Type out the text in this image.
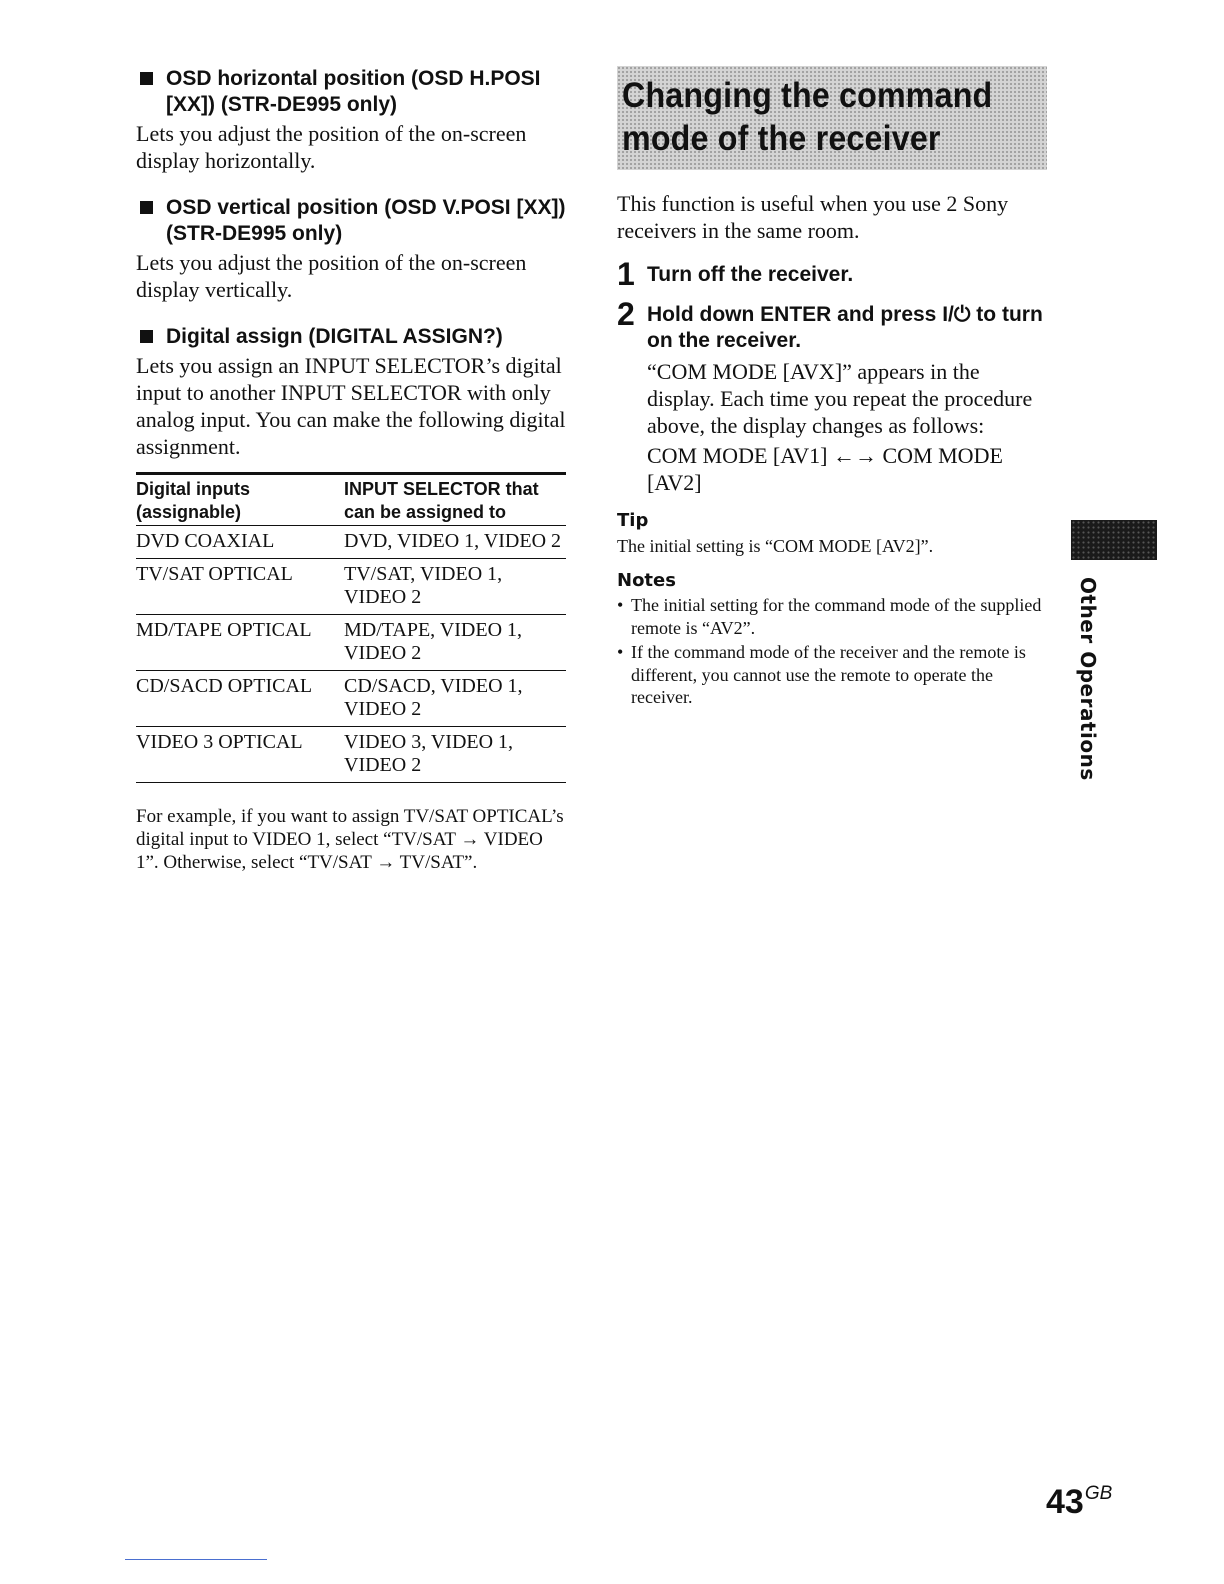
OSD horizontal position (OSD H.POSI [XX]) (STR-DE995 only)

Lets you adjust the position of the on-screen display horizontally.

OSD vertical position (OSD V.POSI [XX]) (STR-DE995 only)

Lets you adjust the position of the on-screen display vertically.

Digital assign (DIGITAL ASSIGN?)

Lets you assign an INPUT SELECTOR’s digital input to another INPUT SELECTOR with only analog input. You can make the following digital assignment.

Digital inputs (assignable)	INPUT SELECTOR that can be assigned to
DVD COAXIAL	DVD, VIDEO 1, VIDEO 2
TV/SAT OPTICAL	TV/SAT, VIDEO 1, VIDEO 2
MD/TAPE OPTICAL	MD/TAPE, VIDEO 1, VIDEO 2
CD/SACD OPTICAL	CD/SACD, VIDEO 1, VIDEO 2
VIDEO 3 OPTICAL	VIDEO 3, VIDEO 1, VIDEO 2

For example, if you want to assign TV/SAT OPTICAL’s digital input to VIDEO 1, select “TV/SAT → VIDEO 1”. Otherwise, select “TV/SAT → TV/SAT”.

Changing the command
mode of the receiver

This function is useful when you use 2 Sony receivers in the same room.

1 Turn off the receiver.
2 Hold down ENTER and press I/⏻ to turn on the receiver.
“COM MODE [AVX]” appears in the display. Each time you repeat the procedure above, the display changes as follows:
COM MODE [AV1] ←→ COM MODE [AV2]
Tip
The initial setting is “COM MODE [AV2]”.
Notes
• The initial setting for the command mode of the supplied remote is “AV2”.
• If the command mode of the receiver and the remote is different, you cannot use the remote to operate the receiver.	Other Operations
$43^{GB}$
